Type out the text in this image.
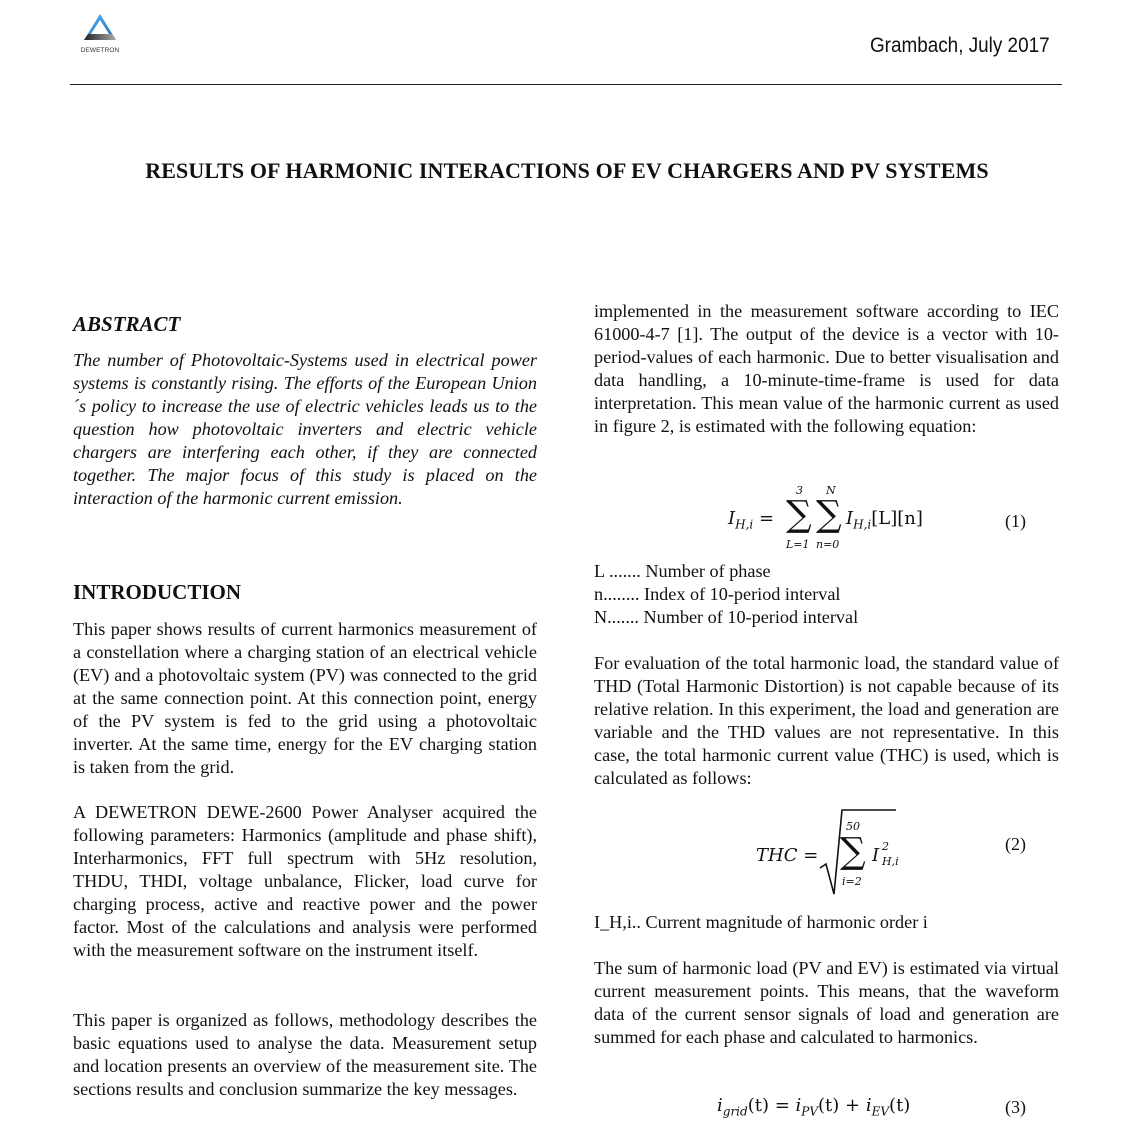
DEWETRON	Grambach, July 2017
RESULTS OF HARMONIC INTERACTIONS OF EV CHARGERS AND PV SYSTEMS
ABSTRACT

The number of Photovoltaic-Systems used in electrical power systems is constantly rising. The efforts of the European Union´s policy to increase the use of electric vehicles leads us to the question how photovoltaic inverters and electric vehicle chargers are interfering each other, if they are connected together. The major focus of this study is placed on the interaction of the harmonic current emission.

INTRODUCTION

This paper shows results of current harmonics measurement of a constellation where a charging station of an electrical vehicle (EV) and a photovoltaic system (PV) was connected to the grid at the same connection point. At this connection point, energy of the PV system is fed to the grid using a photovoltaic inverter. At the same time, energy for the EV charging station is taken from the grid.

A DEWETRON DEWE-2600 Power Analyser acquired the following parameters: Harmonics (amplitude and phase shift), Interharmonics, FFT full spectrum with 5Hz resolution, THDU, THDI, voltage unbalance, Flicker, load curve for charging process, active and reactive power and the power factor. Most of the calculations and analysis were performed with the measurement software on the instrument itself.

This paper is organized as follows, methodology describes the basic equations used to analyse the data. Measurement setup and location presents an overview of the measurement site. The sections results and conclusion summarize the key messages.

implemented in the measurement software according to IEC 61000-4-7 [1]. The output of the device is a vector with 10-period-values of each harmonic. Due to better visualisation and data handling, a 10-minute-time-frame is used for data interpretation. This mean value of the harmonic current as used in figure 2, is estimated with the following equation:

$I_{H,i}$ = ∑
3
L=1
∑
N
n=0
$I_{H,i}[L][n]$	(1)
L ....... Number of phase
n........ Index of 10-period interval
N....... Number of 10-period interval

For evaluation of the total harmonic load, the standard value of THD (Total Harmonic Distortion) is not capable because of its relative relation. In this experiment, the load and generation are variable and the THD values are not representative. In this case, the total harmonic current value (THC) is used, which is calculated as follows:

THC =
50
∑
i=2
I 2
H,i
(2)

I_H,i.. Current magnitude of harmonic order i

The sum of harmonic load (PV and EV) is estimated via virtual current measurement points. This means, that the waveform data of the current sensor signals of load and generation are summed for each phase and calculated to harmonics.

$i_{grid}(t) = i_{PV}(t) + i_{EV}(t)$	(3)
